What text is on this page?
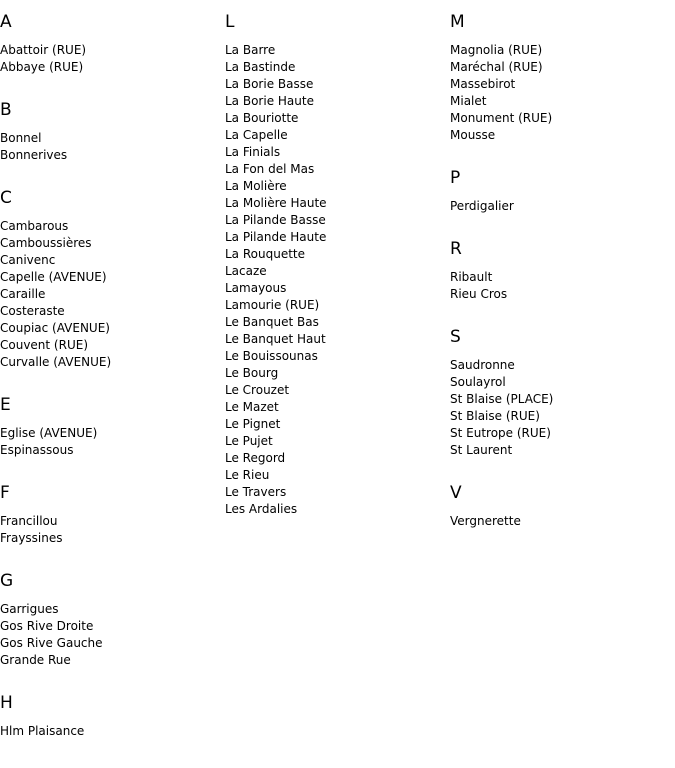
A
Abattoir (RUE)
Abbaye (RUE)
B
Bonnel
Bonnerives
C
Cambarous
Camboussières
Canivenc
Capelle (AVENUE)
Caraille
Costeraste
Coupiac (AVENUE)
Couvent (RUE)
Curvalle (AVENUE)
E
Eglise (AVENUE)
Espinassous
F
Francillou
Frayssines
G
Garrigues
Gos Rive Droite
Gos Rive Gauche
Grande Rue
H
Hlm Plaisance
L
La Barre
La Bastinde
La Borie Basse
La Borie Haute
La Bouriotte
La Capelle
La Finials
La Fon del Mas
La Molière
La Molière Haute
La Pilande Basse
La Pilande Haute
La Rouquette
Lacaze
Lamayous
Lamourie (RUE)
Le Banquet Bas
Le Banquet Haut
Le Bouissounas
Le Bourg
Le Crouzet
Le Mazet
Le Pignet
Le Pujet
Le Regord
Le Rieu
Le Travers
Les Ardalies
M
Magnolia (RUE)
Maréchal (RUE)
Massebirot
Mialet
Monument (RUE)
Mousse
P
Perdigalier
R
Ribault
Rieu Cros
S
Saudronne
Soulayrol
St Blaise (PLACE)
St Blaise (RUE)
St Eutrope (RUE)
St Laurent
V
Vergnerette
